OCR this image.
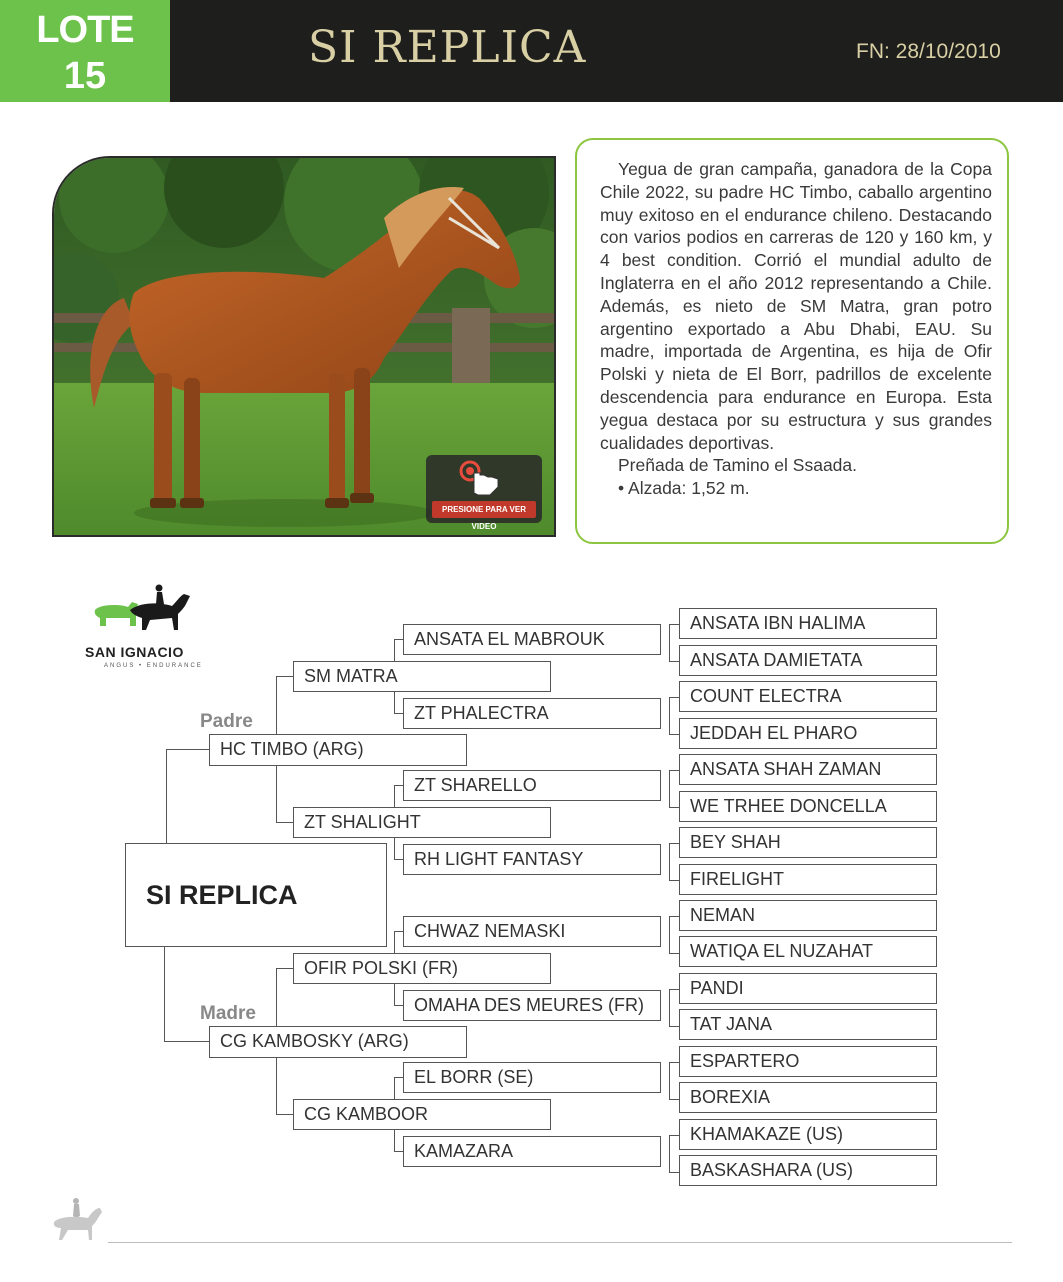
LOTE
15
SI REPLICA	FN: 28/10/2010
PRESIONE PARA VER VIDEO

Yegua de gran campaña, ganadora de la Copa Chile 2022, su padre HC Timbo, caballo argentino muy exitoso en el endurance chileno. Destacando con varios podios en carreras de 120 y 160 km, y 4 best condition. Corrió el mundial adulto de Inglaterra en el año 2012 representando a Chile. Además, es nieto de SM Matra, gran potro argentino exportado a Abu Dhabi, EAU. Su madre, importada de Argentina, es hija de Ofir Polski y nieta de El Borr, padrillos de excelente descendencia para endurance en Europa. Esta yegua destaca por su estructura y sus grandes cualidades deportivas.

Preñada de Tamino el Ssaada.

• Alzada: 1,52 m.

SAN IGNACIO
ANGUS • ENDURANCE
SI REPLICA
Padre
Madre
HC TIMBO (ARG)
CG KAMBOSKY (ARG)
SM MATRA
ZT SHALIGHT
OFIR POLSKI (FR)
CG KAMBOOR
ANSATA EL MABROUK
ZT PHALECTRA
ZT SHARELLO
RH LIGHT FANTASY
CHWAZ NEMASKI
OMAHA DES MEURES (FR)
EL BORR (SE)
KAMAZARA
ANSATA IBN HALIMA
ANSATA DAMIETATA
COUNT ELECTRA
JEDDAH EL PHARO
ANSATA SHAH ZAMAN
WE TRHEE DONCELLA
BEY SHAH
FIRELIGHT
NEMAN
WATIQA EL NUZAHAT
PANDI
TAT JANA
ESPARTERO
BOREXIA
KHAMAKAZE (US)
BASKASHARA (US)
